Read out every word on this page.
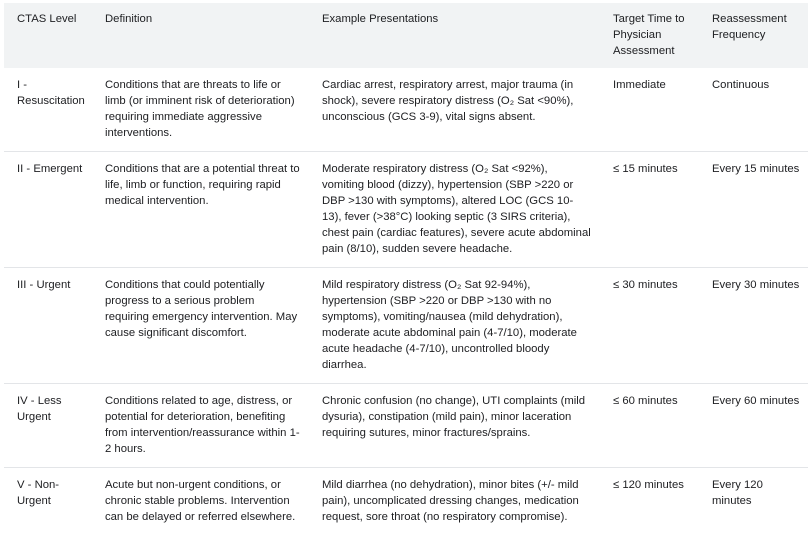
CTAS Level	Definition	Example Presentations	Target Time to Physician Assessment	Reassessment Frequency
I - Resuscitation	Conditions that are threats to life or limb (or imminent risk of deterioration) requiring immediate aggressive interventions.	Cardiac arrest, respiratory arrest, major trauma (in shock), severe respiratory distress (O₂ Sat <90%), unconscious (GCS 3-9), vital signs absent.	Immediate	Continuous
II - Emergent	Conditions that are a potential threat to life, limb or function, requiring rapid medical intervention.	Moderate respiratory distress (O₂ Sat <92%), vomiting blood (dizzy), hypertension (SBP >220 or DBP >130 with symptoms), altered LOC (GCS 10-13), fever (>38°C) looking septic (3 SIRS criteria), chest pain (cardiac features), severe acute abdominal pain (8/10), sudden severe headache.	≤ 15 minutes	Every 15 minutes
III - Urgent	Conditions that could potentially progress to a serious problem requiring emergency intervention. May cause significant discomfort.	Mild respiratory distress (O₂ Sat 92-94%), hypertension (SBP >220 or DBP >130 with no symptoms), vomiting/nausea (mild dehydration), moderate acute abdominal pain (4-7/10), moderate acute headache (4-7/10), uncontrolled bloody diarrhea.	≤ 30 minutes	Every 30 minutes
IV - Less Urgent	Conditions related to age, distress, or potential for deterioration, benefiting from intervention/reassurance within 1-2 hours.	Chronic confusion (no change), UTI complaints (mild dysuria), constipation (mild pain), minor laceration requiring sutures, minor fractures/sprains.	≤ 60 minutes	Every 60 minutes
V - Non-Urgent	Acute but non-urgent conditions, or chronic stable problems. Intervention can be delayed or referred elsewhere.	Mild diarrhea (no dehydration), minor bites (+/- mild pain), uncomplicated dressing changes, medication request, sore throat (no respiratory compromise).	≤ 120 minutes	Every 120 minutes
